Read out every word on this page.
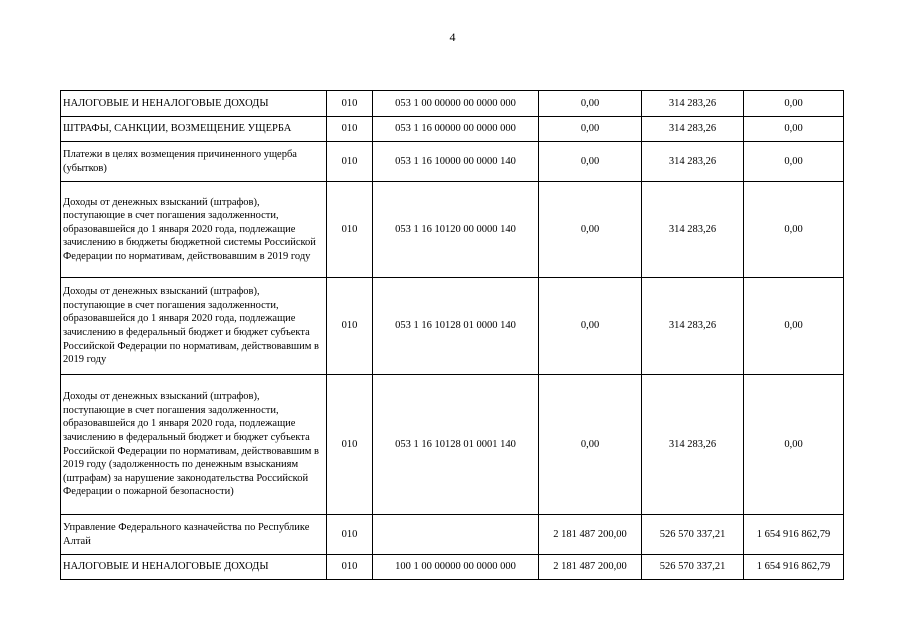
4
НАЛОГОВЫЕ И НЕНАЛОГОВЫЕ ДОХОДЫ	010	053 1 00 00000 00 0000 000	0,00	314 283,26	0,00
ШТРАФЫ, САНКЦИИ, ВОЗМЕЩЕНИЕ УЩЕРБА	010	053 1 16 00000 00 0000 000	0,00	314 283,26	0,00
Платежи в целях возмещения причиненного ущерба (убытков)	010	053 1 16 10000 00 0000 140	0,00	314 283,26	0,00
Доходы от денежных взысканий (штрафов), поступающие в счет погашения задолженности, образовавшейся до 1 января 2020 года, подлежащие зачислению в бюджеты бюджетной системы Российской Федерации по нормативам, действовавшим в 2019 году	010	053 1 16 10120 00 0000 140	0,00	314 283,26	0,00
Доходы от денежных взысканий (штрафов), поступающие в счет погашения задолженности, образовавшейся до 1 января 2020 года, подлежащие зачислению в федеральный бюджет и бюджет субъекта Российской Федерации по нормативам, действовавшим в 2019 году	010	053 1 16 10128 01 0000 140	0,00	314 283,26	0,00
Доходы от денежных взысканий (штрафов), поступающие в счет погашения задолженности, образовавшейся до 1 января 2020 года, подлежащие зачислению в федеральный бюджет и бюджет субъекта Российской Федерации по нормативам, действовавшим в 2019 году (задолженность по денежным взысканиям (штрафам) за нарушение законодательства Российской Федерации о пожарной безопасности)	010	053 1 16 10128 01 0001 140	0,00	314 283,26	0,00
Управление Федерального казначейства по Республике Алтай	010		2 181 487 200,00	526 570 337,21	1 654 916 862,79
НАЛОГОВЫЕ И НЕНАЛОГОВЫЕ ДОХОДЫ	010	100 1 00 00000 00 0000 000	2 181 487 200,00	526 570 337,21	1 654 916 862,79
